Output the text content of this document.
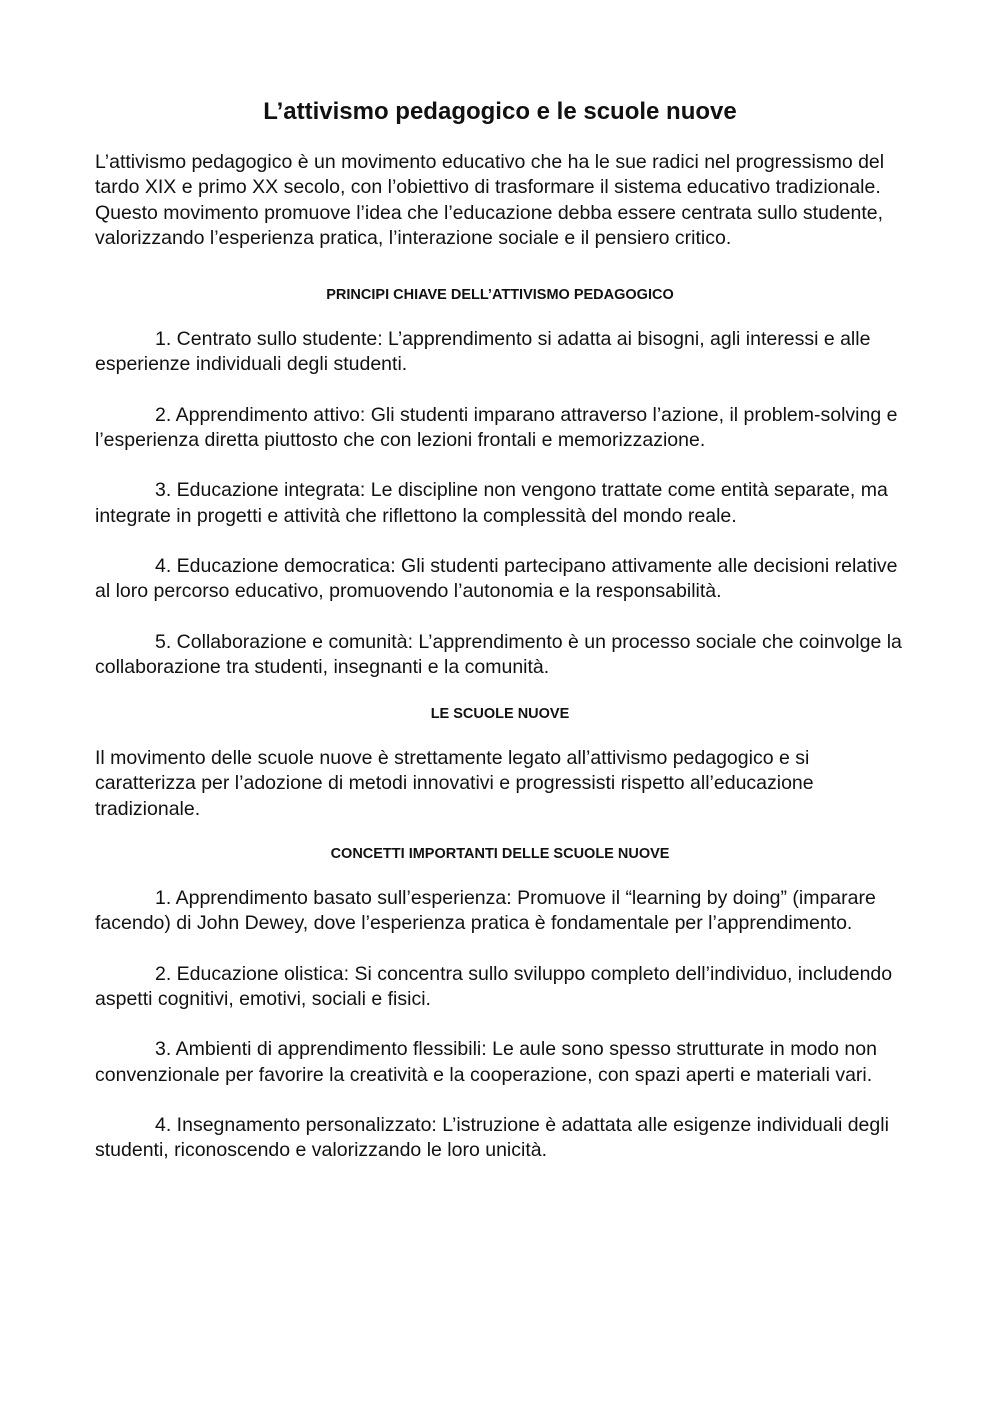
L’attivismo pedagogico e le scuole nuove

L’attivismo pedagogico è un movimento educativo che ha le sue radici nel progressismo del tardo XIX e primo XX secolo, con l’obiettivo di trasformare il sistema educativo tradizionale. Questo movimento promuove l’idea che l’educazione debba essere centrata sullo studente, valorizzando l’esperienza pratica, l’interazione sociale e il pensiero critico.

PRINCIPI CHIAVE DELL’ATTIVISMO PEDAGOGICO

1. Centrato sullo studente: L’apprendimento si adatta ai bisogni, agli interessi e alle esperienze individuali degli studenti.

2. Apprendimento attivo: Gli studenti imparano attraverso l’azione, il problem-solving e l’esperienza diretta piuttosto che con lezioni frontali e memorizzazione.

3. Educazione integrata: Le discipline non vengono trattate come entità separate, ma integrate in progetti e attività che riflettono la complessità del mondo reale.

4. Educazione democratica: Gli studenti partecipano attivamente alle decisioni relative al loro percorso educativo, promuovendo l’autonomia e la responsabilità.

5. Collaborazione e comunità: L’apprendimento è un processo sociale che coinvolge la collaborazione tra studenti, insegnanti e la comunità.

LE SCUOLE NUOVE

Il movimento delle scuole nuove è strettamente legato all’attivismo pedagogico e si caratterizza per l’adozione di metodi innovativi e progressisti rispetto all’educazione tradizionale.

CONCETTI IMPORTANTI DELLE SCUOLE NUOVE

1. Apprendimento basato sull’esperienza: Promuove il “learning by doing” (imparare facendo) di John Dewey, dove l’esperienza pratica è fondamentale per l’apprendimento.

2. Educazione olistica: Si concentra sullo sviluppo completo dell’individuo, includendo aspetti cognitivi, emotivi, sociali e fisici.

3. Ambienti di apprendimento flessibili: Le aule sono spesso strutturate in modo non convenzionale per favorire la creatività e la cooperazione, con spazi aperti e materiali vari.

4. Insegnamento personalizzato: L’istruzione è adattata alle esigenze individuali degli studenti, riconoscendo e valorizzando le loro unicità.
